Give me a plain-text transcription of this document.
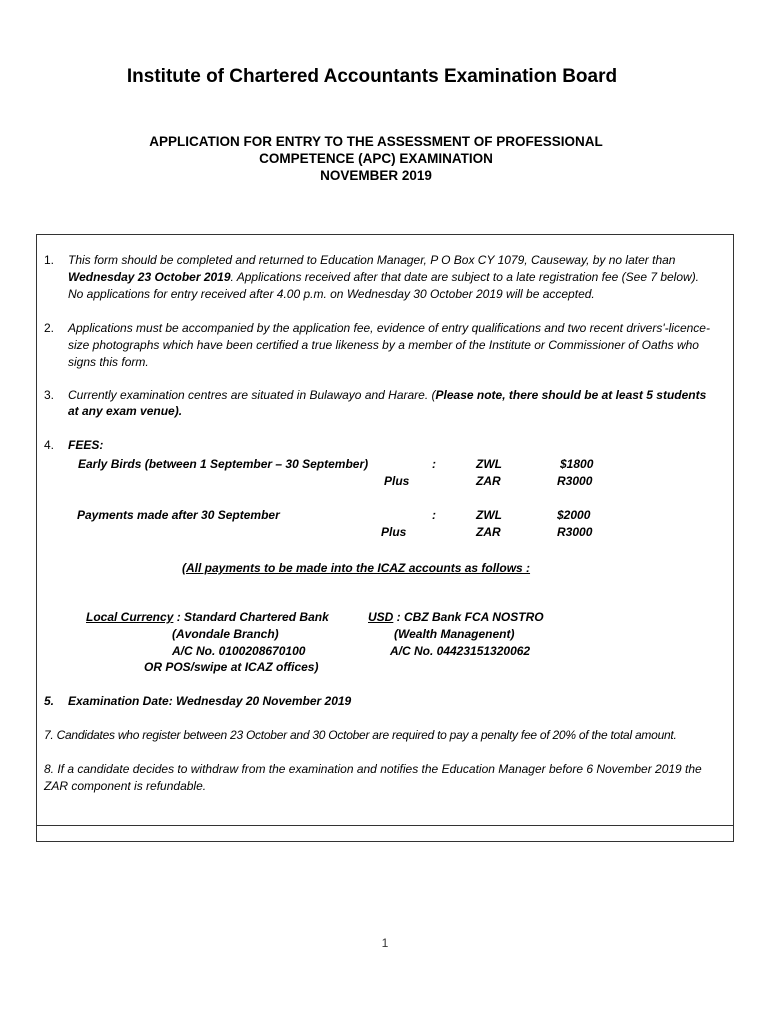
Institute of Chartered Accountants Examination Board
APPLICATION FOR ENTRY TO THE ASSESSMENT OF PROFESSIONAL
COMPETENCE (APC) EXAMINATION
NOVEMBER 2019
1. This form should be completed and returned to Education Manager, P O Box CY 1079, Causeway, by no later than
Wednesday 23 October 2019. Applications received after that date are subject to a late registration fee (See 7 below).
No applications for entry received after 4.00 p.m. on Wednesday 30 October 2019 will be accepted.
2. Applications must be accompanied by the application fee, evidence of entry qualifications and two recent drivers'-licence-
size photographs which have been certified a true likeness by a member of the Institute or Commissioner of Oaths who
signs this form.
3. Currently examination centres are situated in Bulawayo and Harare. (Please note, there should be at least 5 students
at any exam venue).
4. FEES:
Early Birds (between 1 September – 30 September)	:	ZWL	$1800
Plus	ZAR	R3000
Payments made after 30 September	:	ZWL	$2000
Plus	ZAR	R3000
(All payments to be made into the ICAZ accounts as follows :
Local Currency : Standard Chartered Bank
(Avondale Branch)
A/C No. 0100208670100
OR POS/swipe at ICAZ offices)
USD : CBZ Bank FCA NOSTRO
(Wealth Managenent)
A/C No. 04423151320062
5. Examination Date: Wednesday 20 November 2019
7. Candidates who register between 23 October and 30 October are required to pay a penalty fee of 20% of the total amount.
8. If a candidate decides to withdraw from the examination and notifies the Education Manager before 6 November 2019 the
ZAR component is refundable.
1
